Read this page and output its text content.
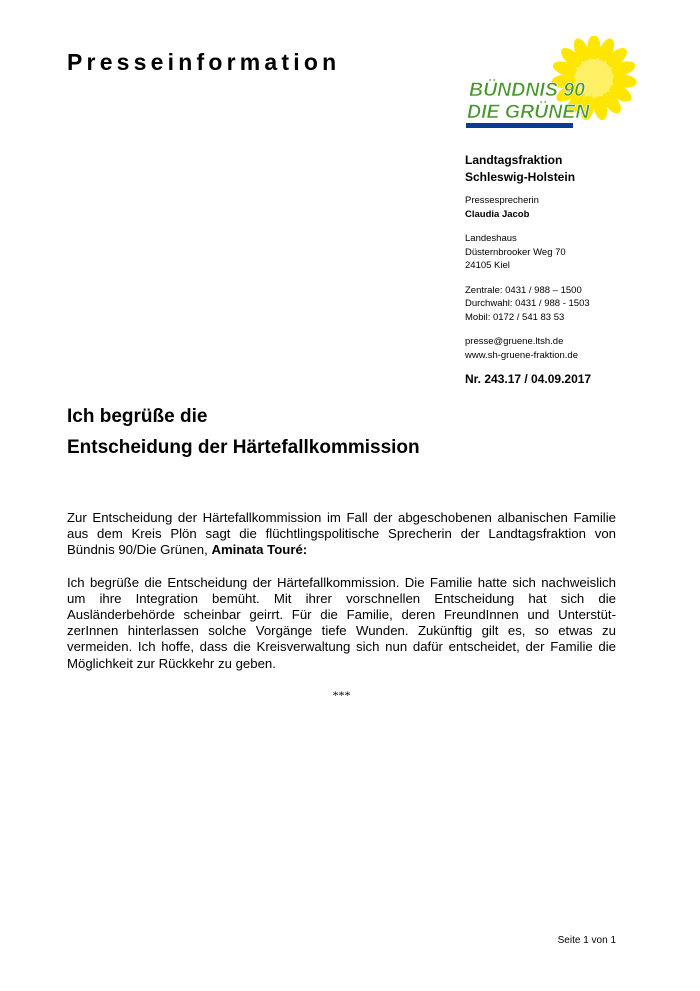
Presseinformation
BÜNDNIS 90
DIE GRÜNEN
Landtagsfraktion
Schleswig-Holstein
Pressesprecherin
Claudia Jacob
Landeshaus
Düsternbrooker Weg 70
24105 Kiel
Zentrale: 0431 / 988 – 1500
Durchwahl: 0431 / 988 - 1503
Mobil: 0172 / 541 83 53
presse@gruene.ltsh.de
www.sh-gruene-fraktion.de
Nr. 243.17 / 04.09.2017
Ich begrüße die
Entscheidung der Härtefallkommission

Zur Entscheidung der Härtefallkommission im Fall der abgeschobenen albanischen Familie aus dem Kreis Plön sagt die flüchtlingspolitische Sprecherin der Landtagsfraktion von Bündnis 90/Die Grünen, Aminata Touré:

Ich begrüße die Entscheidung der Härtefallkommission. Die Familie hatte sich nachweislich um ihre Integration bemüht. Mit ihrer vorschnellen Entscheidung hat sich die Ausländerbehörde scheinbar geirrt. Für die Familie, deren FreundInnen und UnterstützerInnen hinterlassen solche Vorgänge tiefe Wunden. Zukünftig gilt es, so etwas zu vermeiden. Ich hoffe, dass die Kreisverwaltung sich nun dafür entscheidet, der Familie die Möglichkeit zur Rückkehr zu geben.

***
Seite 1 von 1
